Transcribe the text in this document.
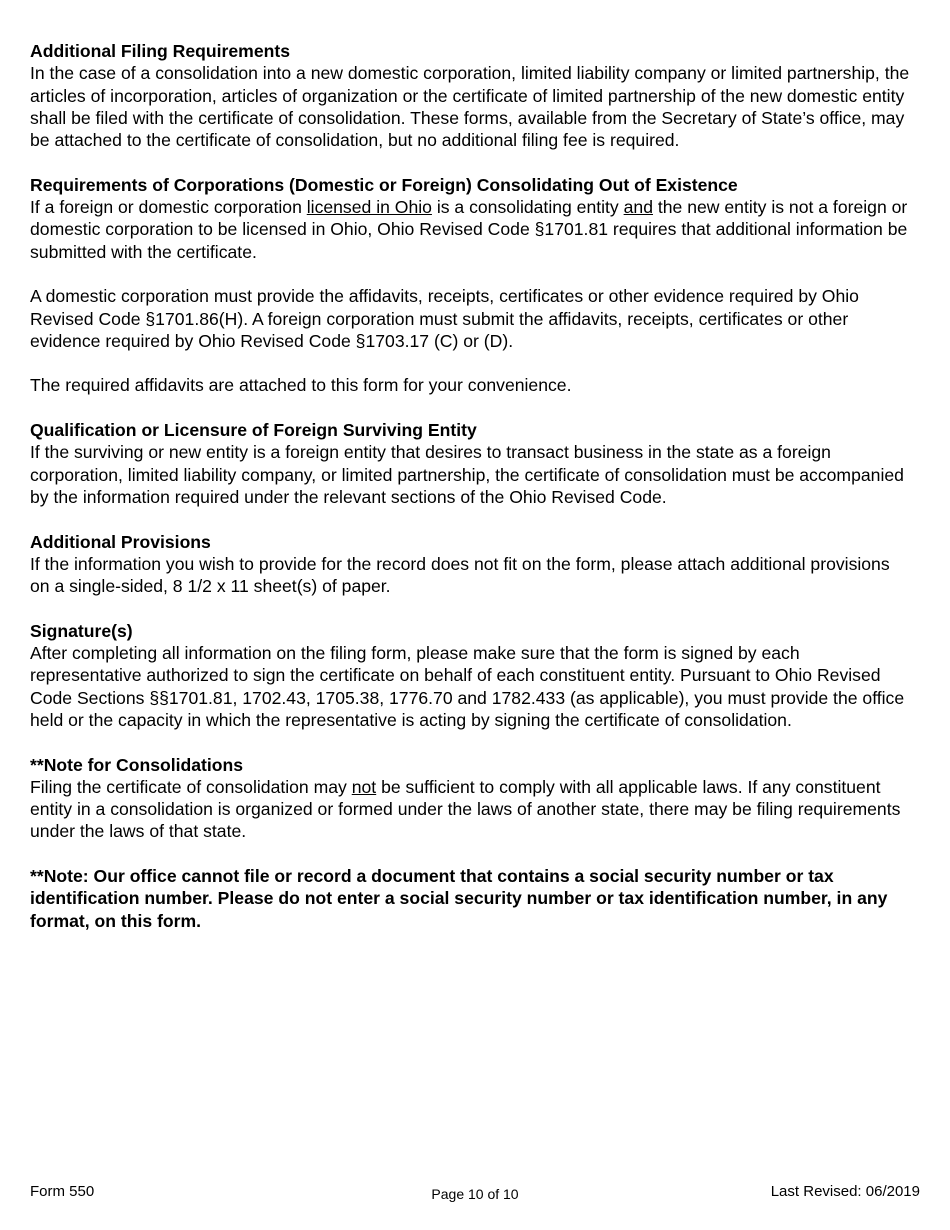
Additional Filing Requirements

In the case of a consolidation into a new domestic corporation, limited liability company or limited partnership, the articles of incorporation, articles of organization or the certificate of limited partnership of the new domestic entity shall be filed with the certificate of consolidation. These forms, available from the Secretary of State’s office, may be attached to the certificate of consolidation, but no additional filing fee is required.

Requirements of Corporations (Domestic or Foreign) Consolidating Out of Existence

If a foreign or domestic corporation licensed in Ohio is a consolidating entity and the new entity is not a foreign or domestic corporation to be licensed in Ohio, Ohio Revised Code §1701.81 requires that additional information be submitted with the certificate.

A domestic corporation must provide the affidavits, receipts, certificates or other evidence required by Ohio Revised Code §1701.86(H). A foreign corporation must submit the affidavits, receipts, certificates or other evidence required by Ohio Revised Code §1703.17 (C) or (D).

The required affidavits are attached to this form for your convenience.

Qualification or Licensure of Foreign Surviving Entity

If the surviving or new entity is a foreign entity that desires to transact business in the state as a foreign corporation, limited liability company, or limited partnership, the certificate of consolidation must be accompanied by the information required under the relevant sections of the Ohio Revised Code.

Additional Provisions

If the information you wish to provide for the record does not fit on the form, please attach additional provisions on a single-sided, 8 1/2 x 11 sheet(s) of paper.

Signature(s)

After completing all information on the filing form, please make sure that the form is signed by each representative authorized to sign the certificate on behalf of each constituent entity. Pursuant to Ohio Revised Code Sections §§1701.81, 1702.43, 1705.38, 1776.70 and 1782.433 (as applicable), you must provide the office held or the capacity in which the representative is acting by signing the certificate of consolidation.

**Note for Consolidations

Filing the certificate of consolidation may not be sufficient to comply with all applicable laws. If any constituent entity in a consolidation is organized or formed under the laws of another state, there may be filing requirements under the laws of that state.

**Note: Our office cannot file or record a document that contains a social security number or tax identification number. Please do not enter a social security number or tax identification number, in any format, on this form.

Form 550	Page 10 of 10	Last Revised: 06/2019
